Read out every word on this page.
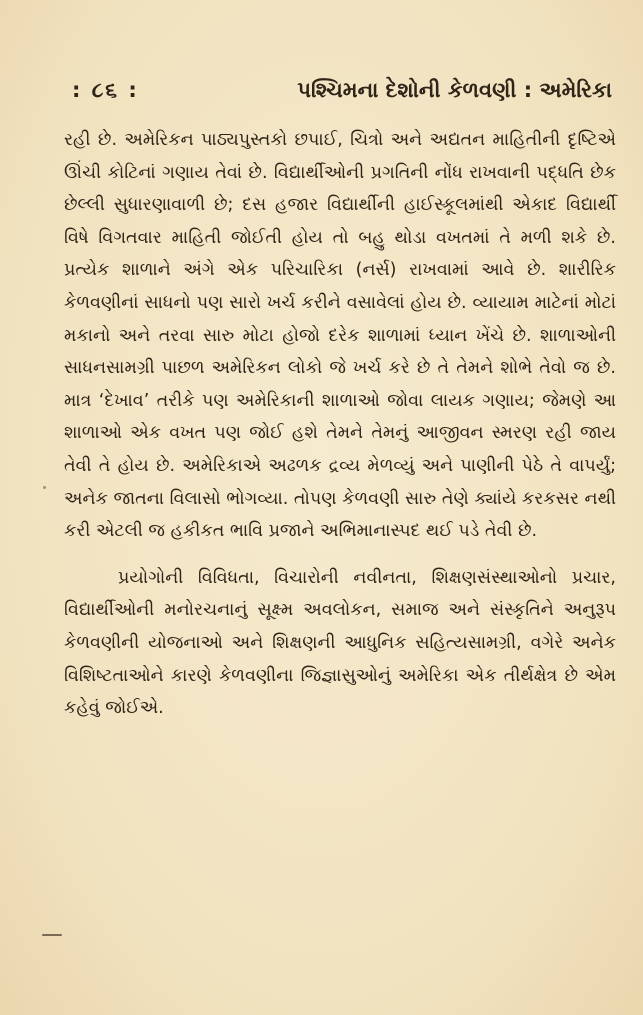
: ૮૬ :	પશ્ચિમના દેશોની કેળવણી : અમેરિકા

રહી છે. અમેરિકન પાઠ્યપુસ્તકો છપાઈ, ચિત્રો અને અદ્યતન માહિતીની દૃષ્ટિએ ઊંચી કોટિનાં ગણાય તેવાં છે. વિદ્યાર્થીઓની પ્રગતિની નોંધ રાખવાની પદ્ધતિ છેક છેલ્લી સુધારણાવાળી છે; દસ હજાર વિદ્યાર્થીની હાઈસ્કૂલમાંથી એકાદ વિદ્યાર્થી વિષે વિગતવાર માહિતી જોઈતી હોય તો બહુ થોડા વખતમાં તે મળી શકે છે. પ્રત્યેક શાળાને અંગે એક પરિચારિકા (નર્સ) રાખવામાં આવે છે. શારીરિક કેળવણીનાં સાધનો પણ સારો ખર્ચ કરીને વસાવેલાં હોય છે. વ્યાયામ માટેનાં મોટાં મકાનો અને તરવા સારુ મોટા હોજો દરેક શાળામાં ધ્યાન ખેંચે છે. શાળાઓની સાધનસામગ્રી પાછળ અમેરિકન લોકો જે ખર્ચ કરે છે તે તેમને શોભે તેવો જ છે. માત્ર ‘દેખાવ’ તરીકે પણ અમેરિકાની શાળાઓ જોવા લાયક ગણાય; જેમણે આ શાળાઓ એક વખત પણ જોઈ હશે તેમને તેમનું આજીવન સ્મરણ રહી જાય તેવી તે હોય છે. અમેરિકાએ અઢળક દ્રવ્ય મેળવ્યું અને પાણીની પેઠે તે વાપર્યું; અનેક જાતના વિલાસો ભોગવ્યા. તોપણ કેળવણી સારુ તેણે ક્યાંયે કરકસર નથી કરી એટલી જ હકીકત ભાવિ પ્રજાને અભિમાનાસ્પદ થઈ પડે તેવી છે.

પ્રયોગોની વિવિધતા, વિચારોની નવીનતા, શિક્ષણસંસ્થાઓનો પ્રચાર, વિદ્યાર્થીઓની મનોરચનાનું સૂક્ષ્મ અવલોકન, સમાજ અને સંસ્કૃતિને અનુરૂપ કેળવણીની યોજનાઓ અને શિક્ષણની આધુનિક સહિત્યસામગ્રી, વગેરે અનેક વિશિષ્ટતાઓને કારણે કેળવણીના જિજ્ઞાસુઓનું અમેરિકા એક તીર્થક્ષેત્ર છે એમ કહેવું જોઈએ.
